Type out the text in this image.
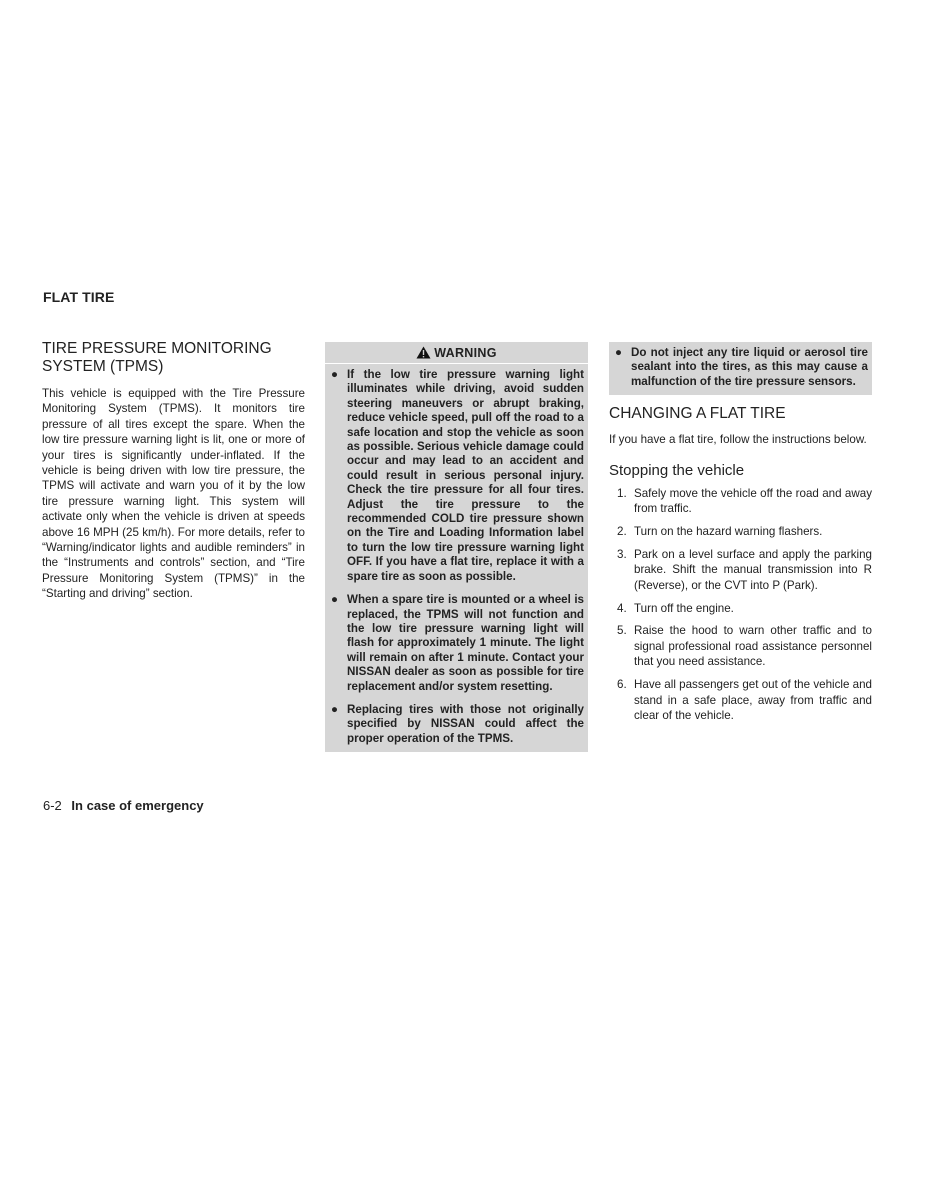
FLAT TIRE
TIRE PRESSURE MONITORING SYSTEM (TPMS)

This vehicle is equipped with the Tire Pressure Monitoring System (TPMS). It monitors tire pressure of all tires except the spare. When the low tire pressure warning light is lit, one or more of your tires is significantly under-inflated. If the vehicle is being driven with low tire pressure, the TPMS will activate and warn you of it by the low tire pressure warning light. This system will activate only when the vehicle is driven at speeds above 16 MPH (25 km/h). For more details, refer to “Warning/indicator lights and audible reminders” in the “Instruments and controls” section, and “Tire Pressure Monitoring System (TPMS)” in the “Starting and driving” section.

WARNING
● If the low tire pressure warning light illuminates while driving, avoid sudden steering maneuvers or abrupt braking, reduce vehicle speed, pull off the road to a safe location and stop the vehicle as soon as possible. Serious vehicle damage could occur and may lead to an accident and could result in serious personal injury. Check the tire pressure for all four tires. Adjust the tire pressure to the recommended COLD tire pressure shown on the Tire and Loading Information label to turn the low tire pressure warning light OFF. If you have a flat tire, replace it with a spare tire as soon as possible.
● When a spare tire is mounted or a wheel is replaced, the TPMS will not function and the low tire pressure warning light will flash for approximately 1 minute. The light will remain on after 1 minute. Contact your NISSAN dealer as soon as possible for tire replacement and/or system resetting.
● Replacing tires with those not originally specified by NISSAN could affect the proper operation of the TPMS.
● Do not inject any tire liquid or aerosol tire sealant into the tires, as this may cause a malfunction of the tire pressure sensors.
CHANGING A FLAT TIRE

If you have a flat tire, follow the instructions below.

Stopping the vehicle
1. Safely move the vehicle off the road and away from traffic.
2. Turn on the hazard warning flashers.
3. Park on a level surface and apply the parking brake. Shift the manual transmission into R (Reverse), or the CVT into P (Park).
4. Turn off the engine.
5. Raise the hood to warn other traffic and to signal professional road assistance personnel that you need assistance.
6. Have all passengers get out of the vehicle and stand in a safe place, away from traffic and clear of the vehicle.
6-2 In case of emergency
